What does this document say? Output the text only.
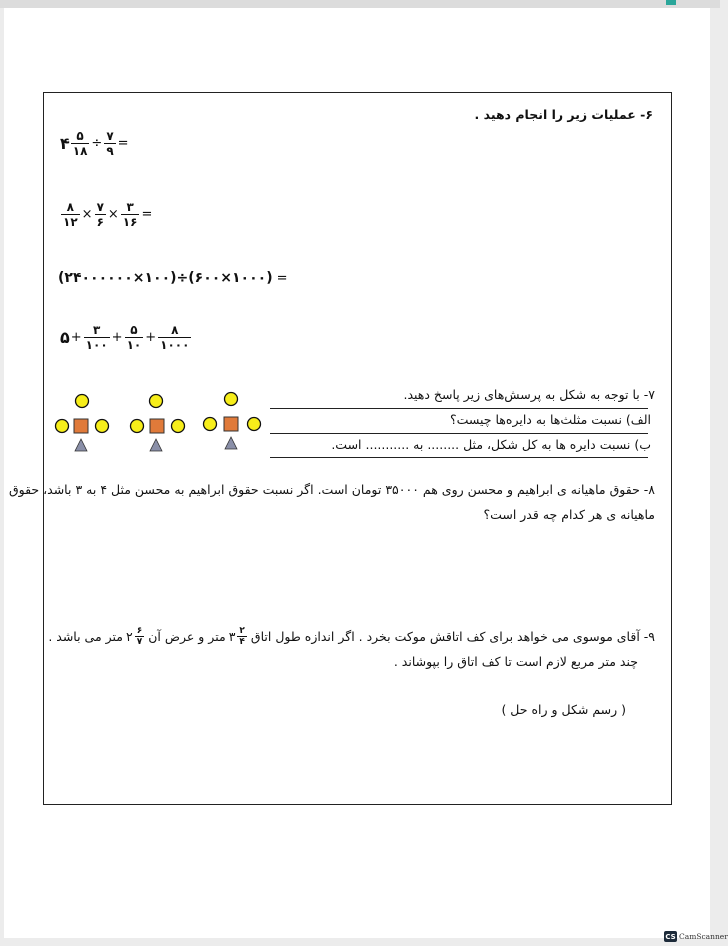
۶- عملیات زیر را انجام دهید .
۴ $\frac{۵}{۱۸} \div \frac{۷}{۹}$ =
$\frac{۸}{۱۲} \times \frac{۷}{۶} \times \frac{۳}{۱۶}$ =
(۲۴۰۰۰۰۰۰×۱۰۰)÷(۶۰۰×۱۰۰۰) =
۵ + $\frac{۳}{۱۰۰} + \frac{۵}{۱۰} + \frac{۸}{۱۰۰۰}$
۷- با توجه به شکل به پرسش‌های زیر پاسخ دهید.
الف) نسبت مثلث‌ها به دایره‌ها چیست؟
ب) نسبت دایره ها به کل شکل، مثل ........ به ........... است.
۸- حقوق ماهیانه ی ابراهیم و محسن روی هم ۳۵۰۰۰ تومان است. اگر نسبت حقوق ابراهیم به محسن مثل ۴ به ۳ باشد، حقوق
ماهیانه ی هر کدام چه قدر است؟
۹- آقای موسوی می خواهد برای کف اتاقش موکت بخرد . اگر اندازه طول اتاق
۳ $\frac{۲}{۴}$
متر و عرض آن
۲ $\frac{۶}{۷}$
متر می باشد .
چند متر مربع لازم است تا کف اتاق را بپوشاند .
( رسم شکل و راه حل )
CS CamScanner
